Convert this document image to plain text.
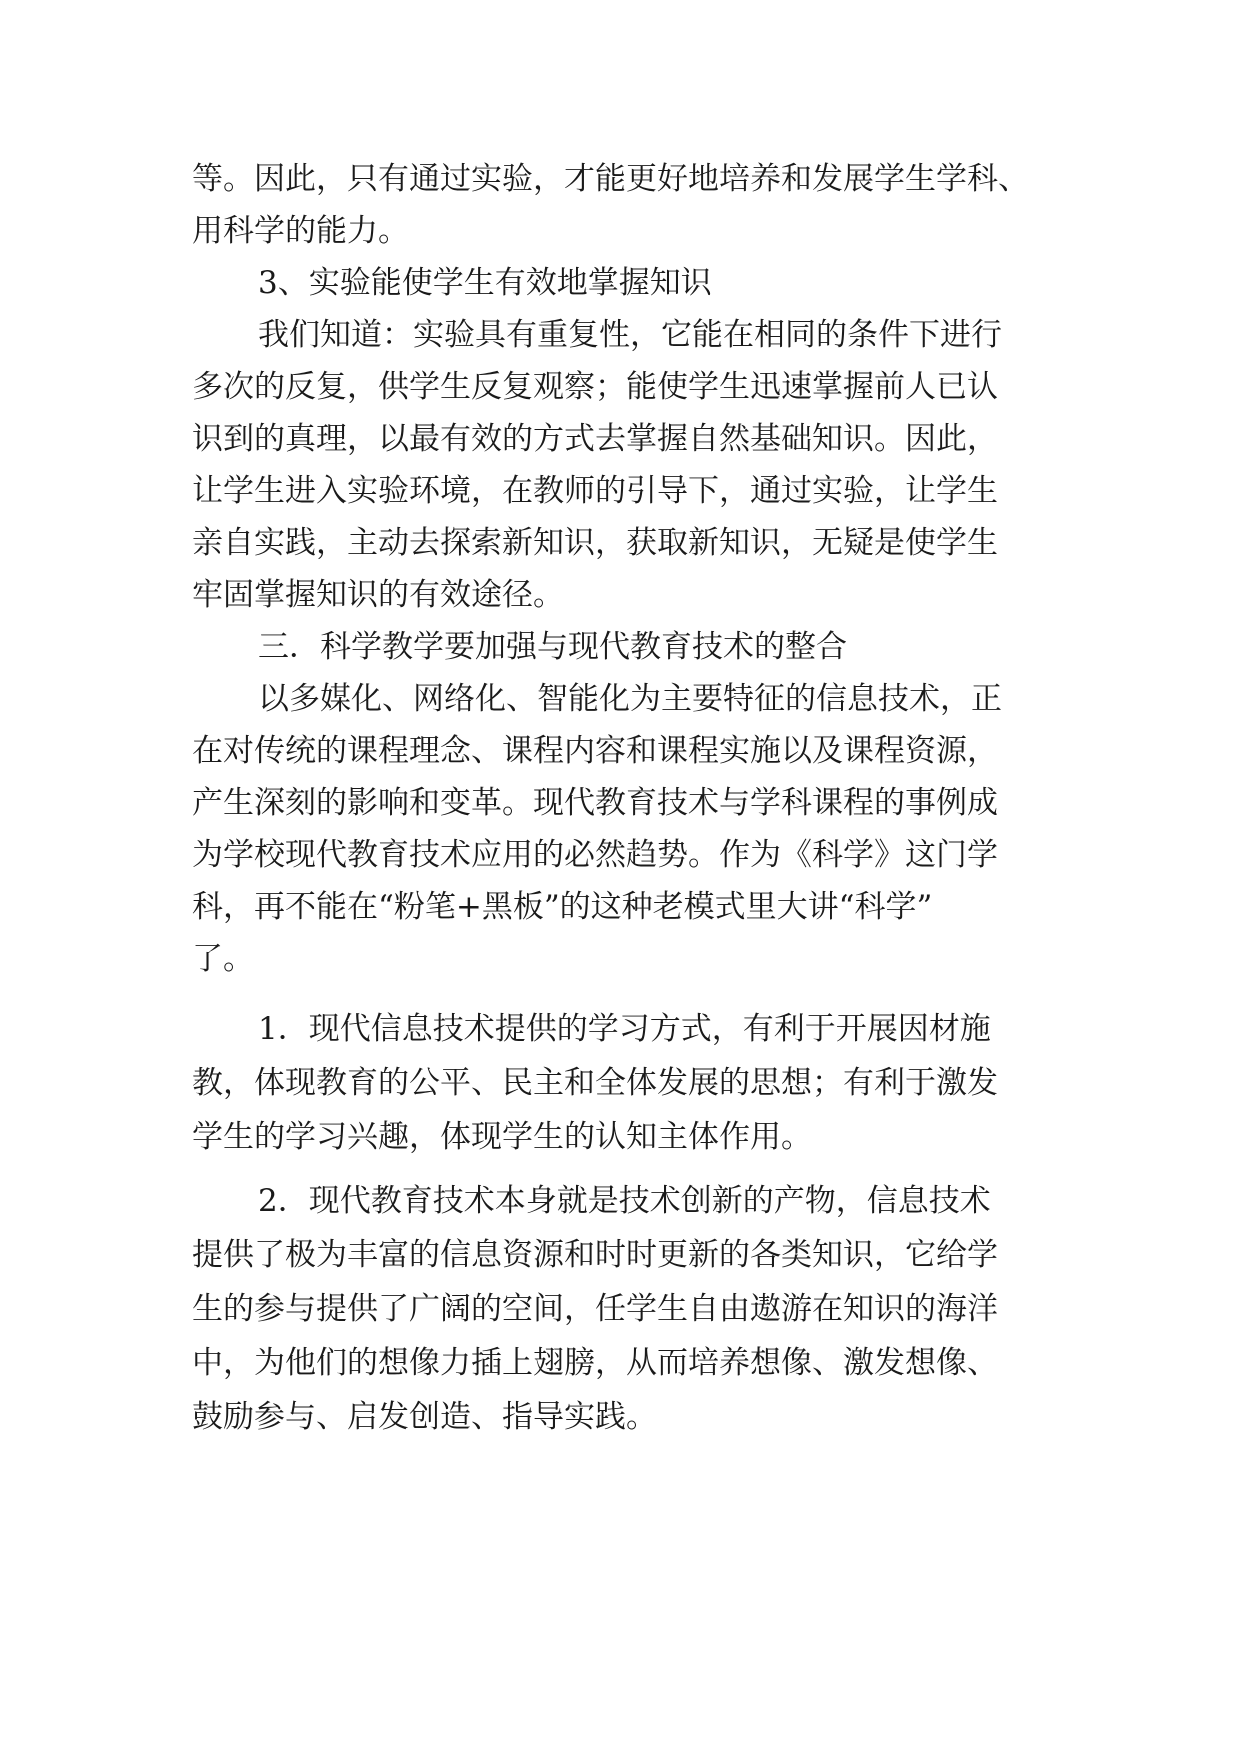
等。因此，只有通过实验，才能更好地培养和发展学生学科、
用科学的能力。
3、实验能使学生有效地掌握知识
我们知道：实验具有重复性，它能在相同的条件下进行
多次的反复，供学生反复观察；能使学生迅速掌握前人已认
识到的真理，以最有效的方式去掌握自然基础知识。因此，
让学生进入实验环境，在教师的引导下，通过实验，让学生
亲自实践，主动去探索新知识，获取新知识，无疑是使学生
牢固掌握知识的有效途径。
三．科学教学要加强与现代教育技术的整合
以多媒化、网络化、智能化为主要特征的信息技术，正
在对传统的课程理念、课程内容和课程实施以及课程资源，
产生深刻的影响和变革。现代教育技术与学科课程的事例成
为学校现代教育技术应用的必然趋势。作为《科学》这门学
科，再不能在“粉笔+黑板”的这种老模式里大讲“科学”
了。
1．现代信息技术提供的学习方式，有利于开展因材施
教，体现教育的公平、民主和全体发展的思想；有利于激发
学生的学习兴趣，体现学生的认知主体作用。
2．现代教育技术本身就是技术创新的产物，信息技术
提供了极为丰富的信息资源和时时更新的各类知识，它给学
生的参与提供了广阔的空间，任学生自由遨游在知识的海洋
中，为他们的想像力插上翅膀，从而培养想像、激发想像、
鼓励参与、启发创造、指导实践。
